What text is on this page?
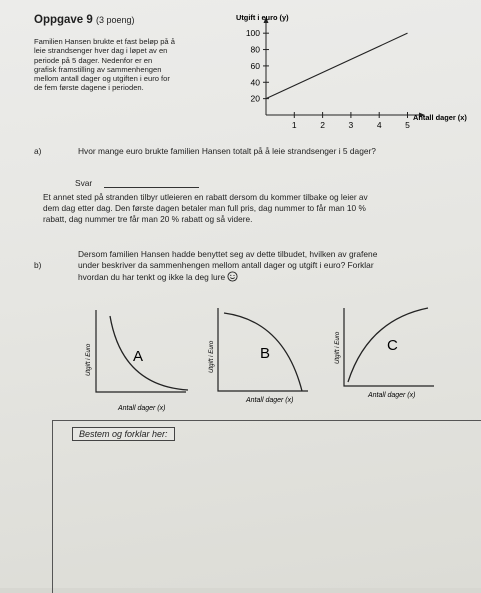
Oppgave 9 (3 poeng)
Familien Hansen brukte et fast beløp på å
leie strandsenger hver dag i løpet av en
periode på 5 dager. Nedenfor er en
grafisk framstilling av sammenhengen
mellom antall dager og utgiften i euro for
de fem første dagene i perioden.
1	2	3	4	5
20
40
60
80
100
Utgift i euro (y)
Antall dager (x)
a)	Hvor mange euro brukte familien Hansen totalt på å leie strandsenger i 5 dager?
Svar
Et annet sted på stranden tilbyr utleieren en rabatt dersom du kommer tilbake og leier av
dem dag etter dag. Den første dagen betaler man full pris, dag nummer to får man 10 %
rabatt, dag nummer tre får man 20 % rabatt og så videre.
b)
Dersom familien Hansen hadde benyttet seg av dette tilbudet, hvilken av grafene
under beskriver da sammenhengen mellom antall dager og utgift i euro? Forklar
hvordan du har tenkt og ikke la deg lure
A
Utgift i Euro
Antall dager (x)
B
Utgift i Euro
Antall dager (x)
C
Utgift i Euro
Antall dager (x)
Bestem og forklar her:
